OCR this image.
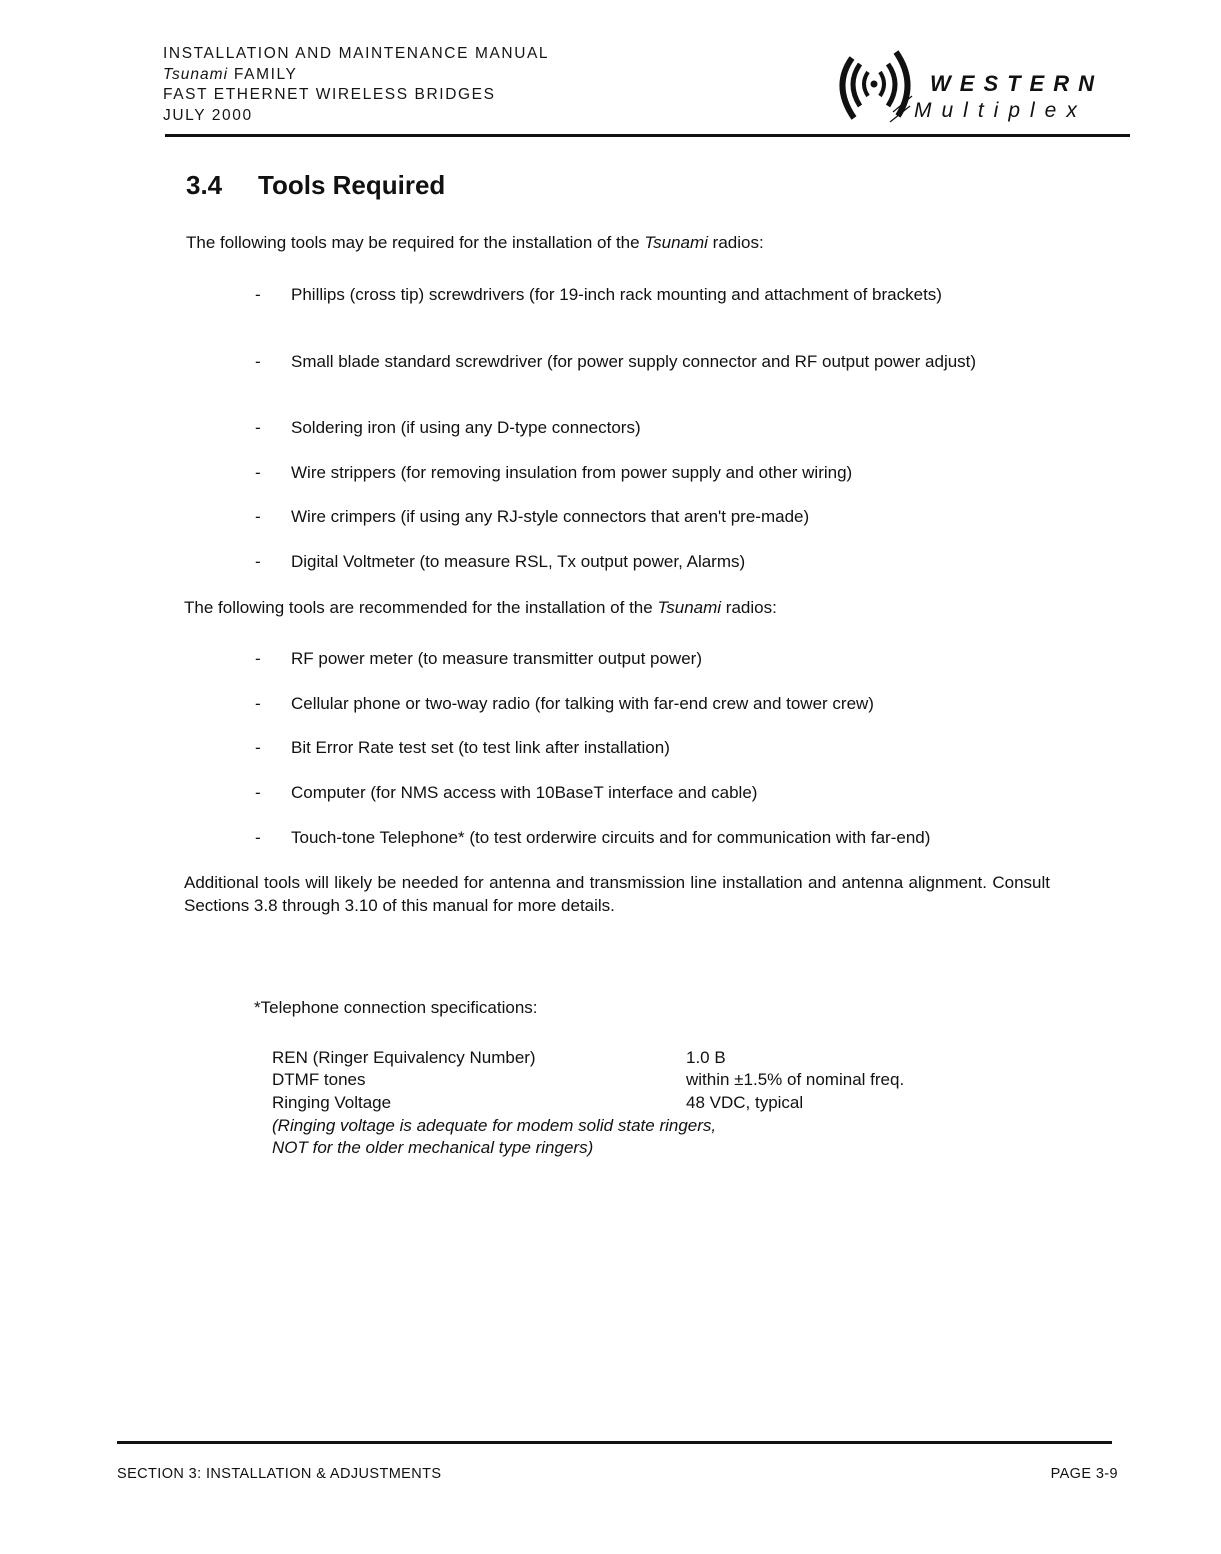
INSTALLATION AND MAINTENANCE MANUAL
Tsunami FAMILY
FAST ETHERNET WIRELESS BRIDGES
JULY 2000
WESTERN
Multiplex
3.4 Tools Required
The following tools may be required for the installation of the Tsunami radios:
- Phillips (cross tip) screwdrivers (for 19-inch rack mounting and attachment of brackets)
- Small blade standard screwdriver (for power supply connector and RF output power adjust)
- Soldering iron (if using any D-type connectors)
- Wire strippers (for removing insulation from power supply and other wiring)
- Wire crimpers (if using any RJ-style connectors that aren't pre-made)
- Digital Voltmeter (to measure RSL, Tx output power, Alarms)
The following tools are recommended for the installation of the Tsunami radios:
- RF power meter (to measure transmitter output power)
- Cellular phone or two-way radio (for talking with far-end crew and tower crew)
- Bit Error Rate test set (to test link after installation)
- Computer (for NMS access with 10BaseT interface and cable)
- Touch-tone Telephone* (to test orderwire circuits and for communication with far-end)
Additional tools will likely be needed for antenna and transmission line installation and antenna alignment. Consult Sections 3.8 through 3.10 of this manual for more details.
*Telephone connection specifications:
REN (Ringer Equivalency Number)	1.0 B
DTMF tones	within ±1.5% of nominal freq.
Ringing Voltage	48 VDC, typical
(Ringing voltage is adequate for modem solid state ringers,
NOT for the older mechanical type ringers)
SECTION 3: INSTALLATION & ADJUSTMENTS	PAGE 3-9
